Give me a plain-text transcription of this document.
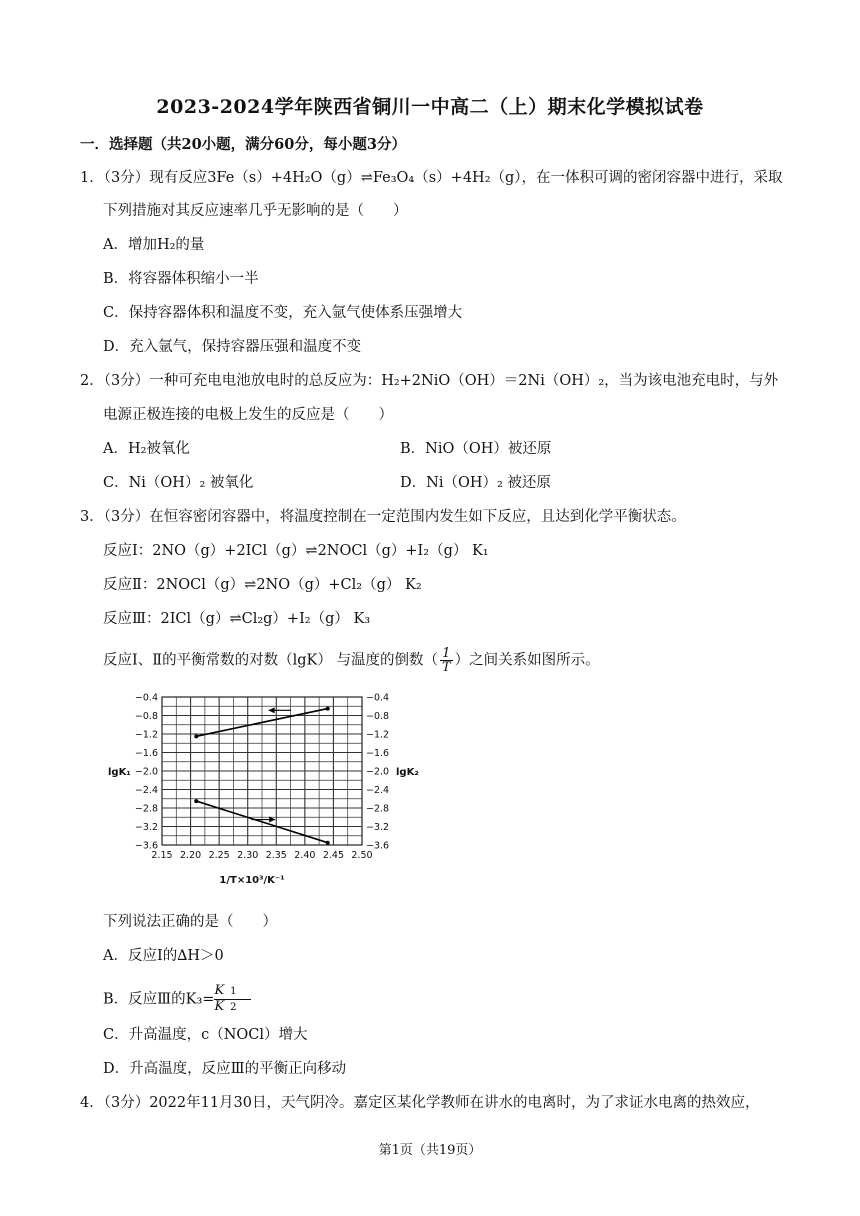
2023-2024学年陕西省铜川一中高二（上）期末化学模拟试卷
一．选择题（共20小题，满分60分，每小题3分）
1．（3分）现有反应3Fe（s）+4H₂O（g）⇌Fe₃O₄（s）+4H₂（g），在一体积可调的密闭容器中进行，采取
下列措施对其反应速率几乎无影响的是（　　）
A．增加H₂的量
B．将容器体积缩小一半
C．保持容器体积和温度不变，充入氩气使体系压强增大
D．充入氩气，保持容器压强和温度不变
2．（3分）一种可充电电池放电时的总反应为：H₂+2NiO（OH）＝2Ni（OH）₂，当为该电池充电时，与外
电源正极连接的电极上发生的反应是（　　）
A．H₂被氧化	B．NiO（OH）被还原
C．Ni（OH）₂ 被氧化	D．Ni（OH）₂ 被还原
3．（3分）在恒容密闭容器中，将温度控制在一定范围内发生如下反应，且达到化学平衡状态。
反应Ⅰ：2NO（g）+2ICl（g）⇌2NOCl（g）+I₂（g） K₁
反应Ⅱ：2NOCl（g）⇌2NO（g）+Cl₂（g） K₂
反应Ⅲ：2ICl（g）⇌Cl₂g）+I₂（g） K₃
反应Ⅰ、Ⅱ的平衡常数的对数（lgK） 与温度的倒数（ $\frac{1}{T}$ ）之间关系如图所示。
−0.4	−0.4
−0.8	−0.8
−1.2	−1.2
−1.6	−1.6
−2.0	−2.0
−2.4	−2.4
−2.8	−2.8
−3.2	−3.2
−3.6	−3.6
2.15 2.20 2.25 2.30 2.35 2.40 2.45 2.50
lgK₁	lgK₂
1/T×10³/K⁻¹
下列说法正确的是（　　）
A．反应Ⅰ的∆H＞0
B．反应Ⅲ的$K_3= \frac{K 1}{K 2}$
C．升高温度，c（NOCl）增大
D．升高温度，反应Ⅲ的平衡正向移动
4．（3分）2022年11月30日，天气阴冷。嘉定区某化学教师在讲水的电离时，为了求证水电离的热效应，
第1页（共19页）
